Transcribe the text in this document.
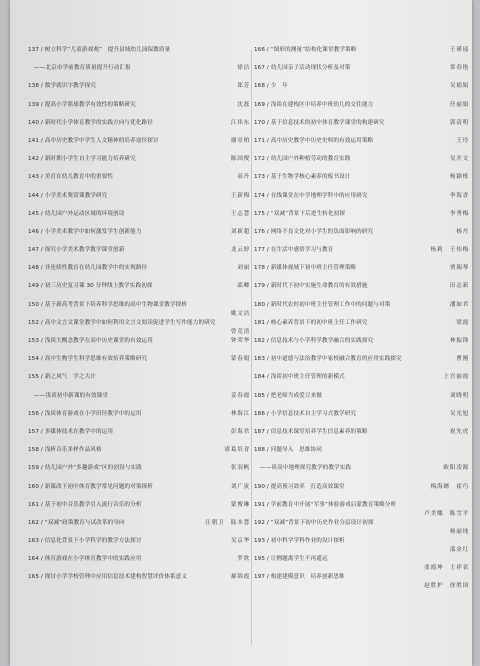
137 / 树立科学“儿童游戏观”　提升县域幼儿园保教质量
——北京市学前教育质量提升行动汇报	徐洁
138 / 数学就识字教学探究	郑芳
139 / 提高小学篮球教学有效性的策略研究	沈磊
140 / 新时代小学体育教学的实践方向与优化路径	江伟东
141 / 高中历史教学中学生人文精神的培养途径探讨	谢章柏
142 / 新时期小学生自主学习能力培养研究	陈国俊
143 / 美育在幼儿教育中的重要性	高丹
144 / 小学美术鉴赏课教学研究	王新梅
145 / 幼儿园户外运动区域的环境创设	王志慧
146 / 小学美术教学中如何激发学生创新能力	刘新超
147 / 探究小学美术教学教学课堂创新	龙云婷
148 / 非连续性教育在幼儿园教学中的实现路径	刘丽
149 / 初三历史复习课 30 分钟线上教学实践初探	邵卿
150 / 基于新高考背景下培养科学思维的高中生物课堂教学探析
姚文洁
152 / 高中文言文课堂教学中如何利用文言文阅读促进学生写作能力的研究
曾竞清
153 / 浅谈大概念教学在高中历史课堂的有效运用	钟荣华
154 / 高中生物学生科学思维有效培养策略研究	蒙春娟
155 / 新之风气　学之大计
——浅谈初中新课的有效课堂	姜春霞
156 / 浅谈体育游戏在小学田径教学中的运用	林海江
157 / 多媒体技术在教学中的运用	彭海君
158 / 浅析音乐多样作品风格	诸葛培青
159 / 幼儿园户外“多趣游戏”区的创设与实践	张羽帆
160 / 新课改下初中体育教学常见问题的对策探析	刘广寅
161 / 基于初中音乐教学引入流行音乐的分析	蒙俊琳
162 / “双减”政策教育与试改革的导向	汪朝卫　陆本慧
163 / 信息化背景下小学科学的教学方法探讨	吴京华
164 / 体育游戏在小学体育教学中的实践应用	罗欣
165 / 探讨小学学校管理中应用信息技术建构智慧评价体系意义	郝锦霞
166 / “图形的测量”结构化课堂教学策略	王瑾瑶
167 / 幼儿园亲子活动现状分析及对策	常春艳
168 / 少　年	吴娟娟
169 / 浅谈在建构区中培养中班幼儿的交往能力	任丽娟
170 / 基于信息技术的初中体育教学课堂的构建研究	郭清明
171 / 高中历史教学中历史史料的有效运用策略	王玲
172 / 幼儿园户外种植劳动的教育实践	吴开文
173 / 基于生物学核心素养的板书设计	杨颖栎
174 / 在线课堂在中学地理学科中的应用研究	李海香
175 / “双减”背景下后进生转化初探	李秀梅
176 / 网络不良文化对小学生的负面影响的研究	杨丹
177 / 在生活中感悟学习与教育	杨莉　王伟梅
178 / 新媒体视域下初中班主任管理策略	贾瑞琴
179 / 新时代下初中实施生命教育的有效措施	田志新
180 / 新时代农村初中班主任管理工作中的问题与对策	潘如君
181 / 核心素养背景下的初中班主任工作研究	梁霞
182 / 信息技术与小学科学教学融合的实践探究	林振锋
183 / 初中道德与法治教学中家校融合教育的应用实践探究	曹刚
184 / 浅谈初中班主任管理的新模式	上官丽霞
185 / 把老师当成爱豆来做	刘晓明
186 / 小学信息技术自主学习式教学研究	吴光旭
187 / 信息技术课堂培养学生信息素养的策略	祝先虎
188 / 问题导入　思维协同
——谈高中地理探究教学的教学实践	欧阳凌源
190 / 提高预习效率　打造高效课堂	梅海婿　霍巧
191 / 学前教育中开展“军事”体验游戏启蒙教育策略分析
卢美娜　陈雪平
192 / “双减”背景下初中历史作业分层设计初探
杨丽纯
193 / 初中科学学科作业的设计探析
邵金红
195 / 让例题离学生不再遥远
张霞坤　王祥表
197 / 构建建模意识　培养创新思维
赵胜护　徐胜国
